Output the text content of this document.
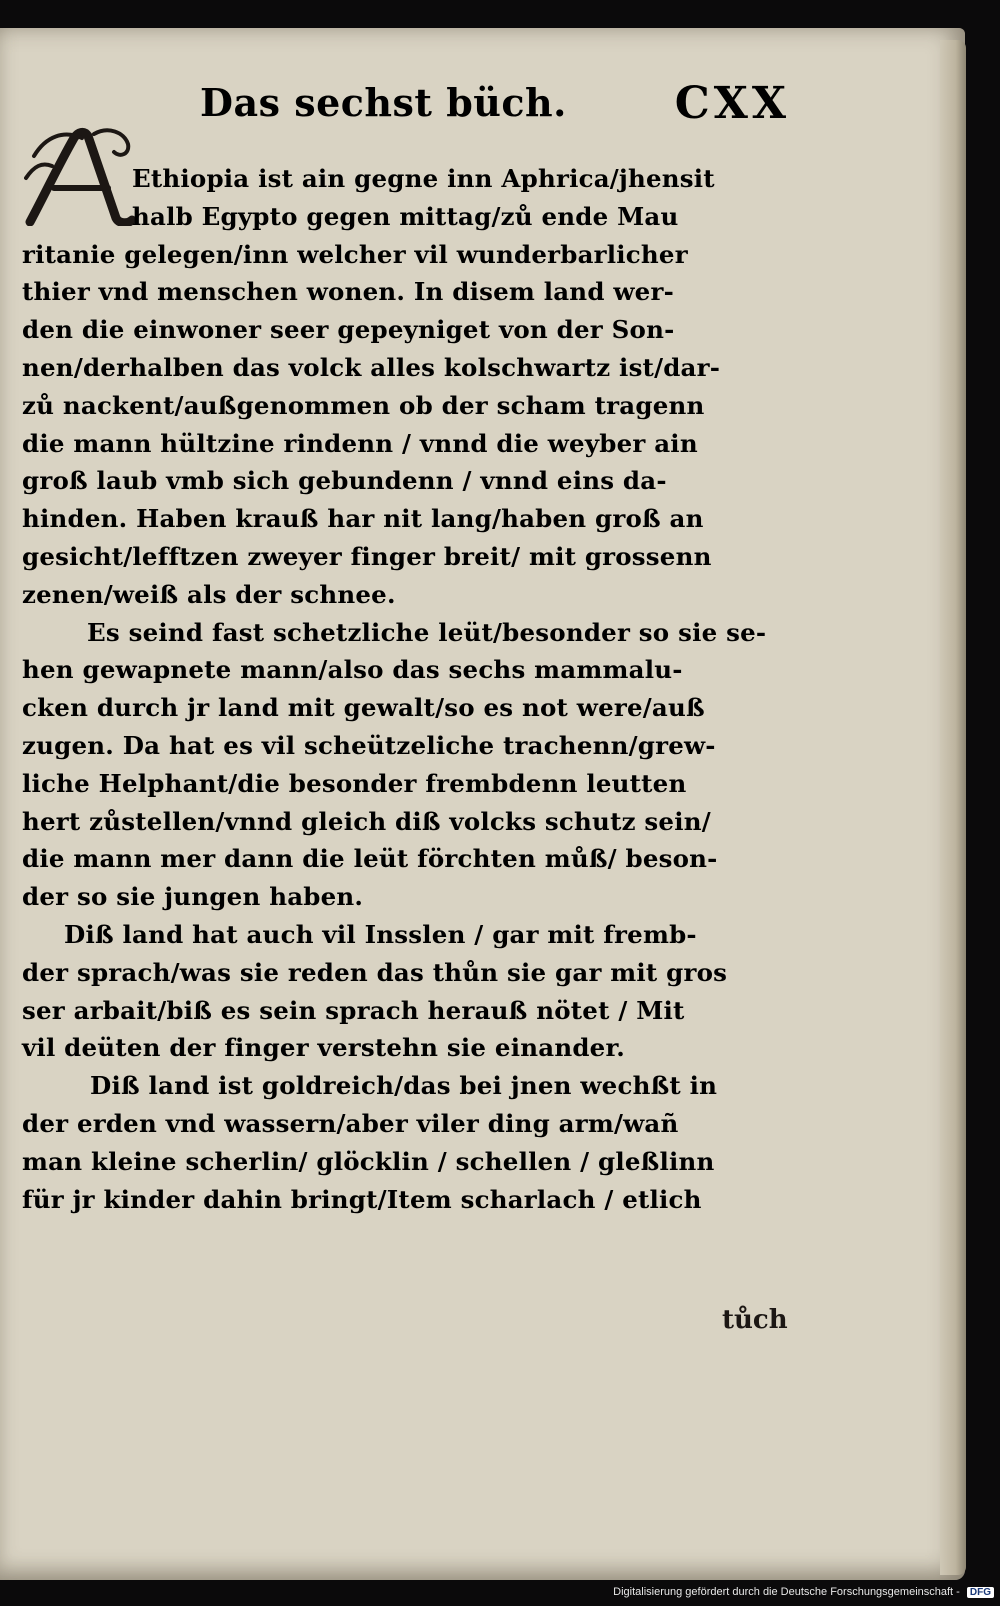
Das sechst büch. CXX
Ethiopia ist ain gegne inn Aphrica/jhensit
halb Egypto gegen mittag/zů ende Mau
ritanie gelegen/inn welcher vil wunderbarlicher
thier vnd menschen wonen. In disem land wer-
den die einwoner seer gepeyniget von der Son-
nen/derhalben das volck alles kolschwartz ist/dar-
zů nackent/außgenommen ob der scham tragenn
die mann hültzine rindenn / vnnd die weyber ain
groß laub vmb sich gebundenn / vnnd eins da-
hinden. Haben krauß har nit lang/haben groß an
gesicht/lefftzen zweyer finger breit/ mit grossenn
zenen/weiß als der schnee.
Es seind fast schetzliche leüt/besonder so sie se-
hen gewapnete mann/also das sechs mammalu-
cken durch jr land mit gewalt/so es not were/auß
zugen. Da hat es vil scheützeliche trachenn/grew-
liche Helphant/die besonder frembdenn leutten
hert zůstellen/vnnd gleich diß volcks schutz sein/
die mann mer dann die leüt förchten můß/ beson-
der so sie jungen haben.
Diß land hat auch vil Insslen / gar mit fremb-
der sprach/was sie reden das thůn sie gar mit gros
ser arbait/biß es sein sprach herauß nötet / Mit
vil deüten der finger verstehn sie einander.
Diß land ist goldreich/das bei jnen wechßt in
der erden vnd wassern/aber viler ding arm/wañ
man kleine scherlin/ glöcklin / schellen / gleßlinn
für jr kinder dahin bringt/Item scharlach / etlich
tůch
Digitalisierung gefördert durch die Deutsche Forschungsgemeinschaft - DFG
